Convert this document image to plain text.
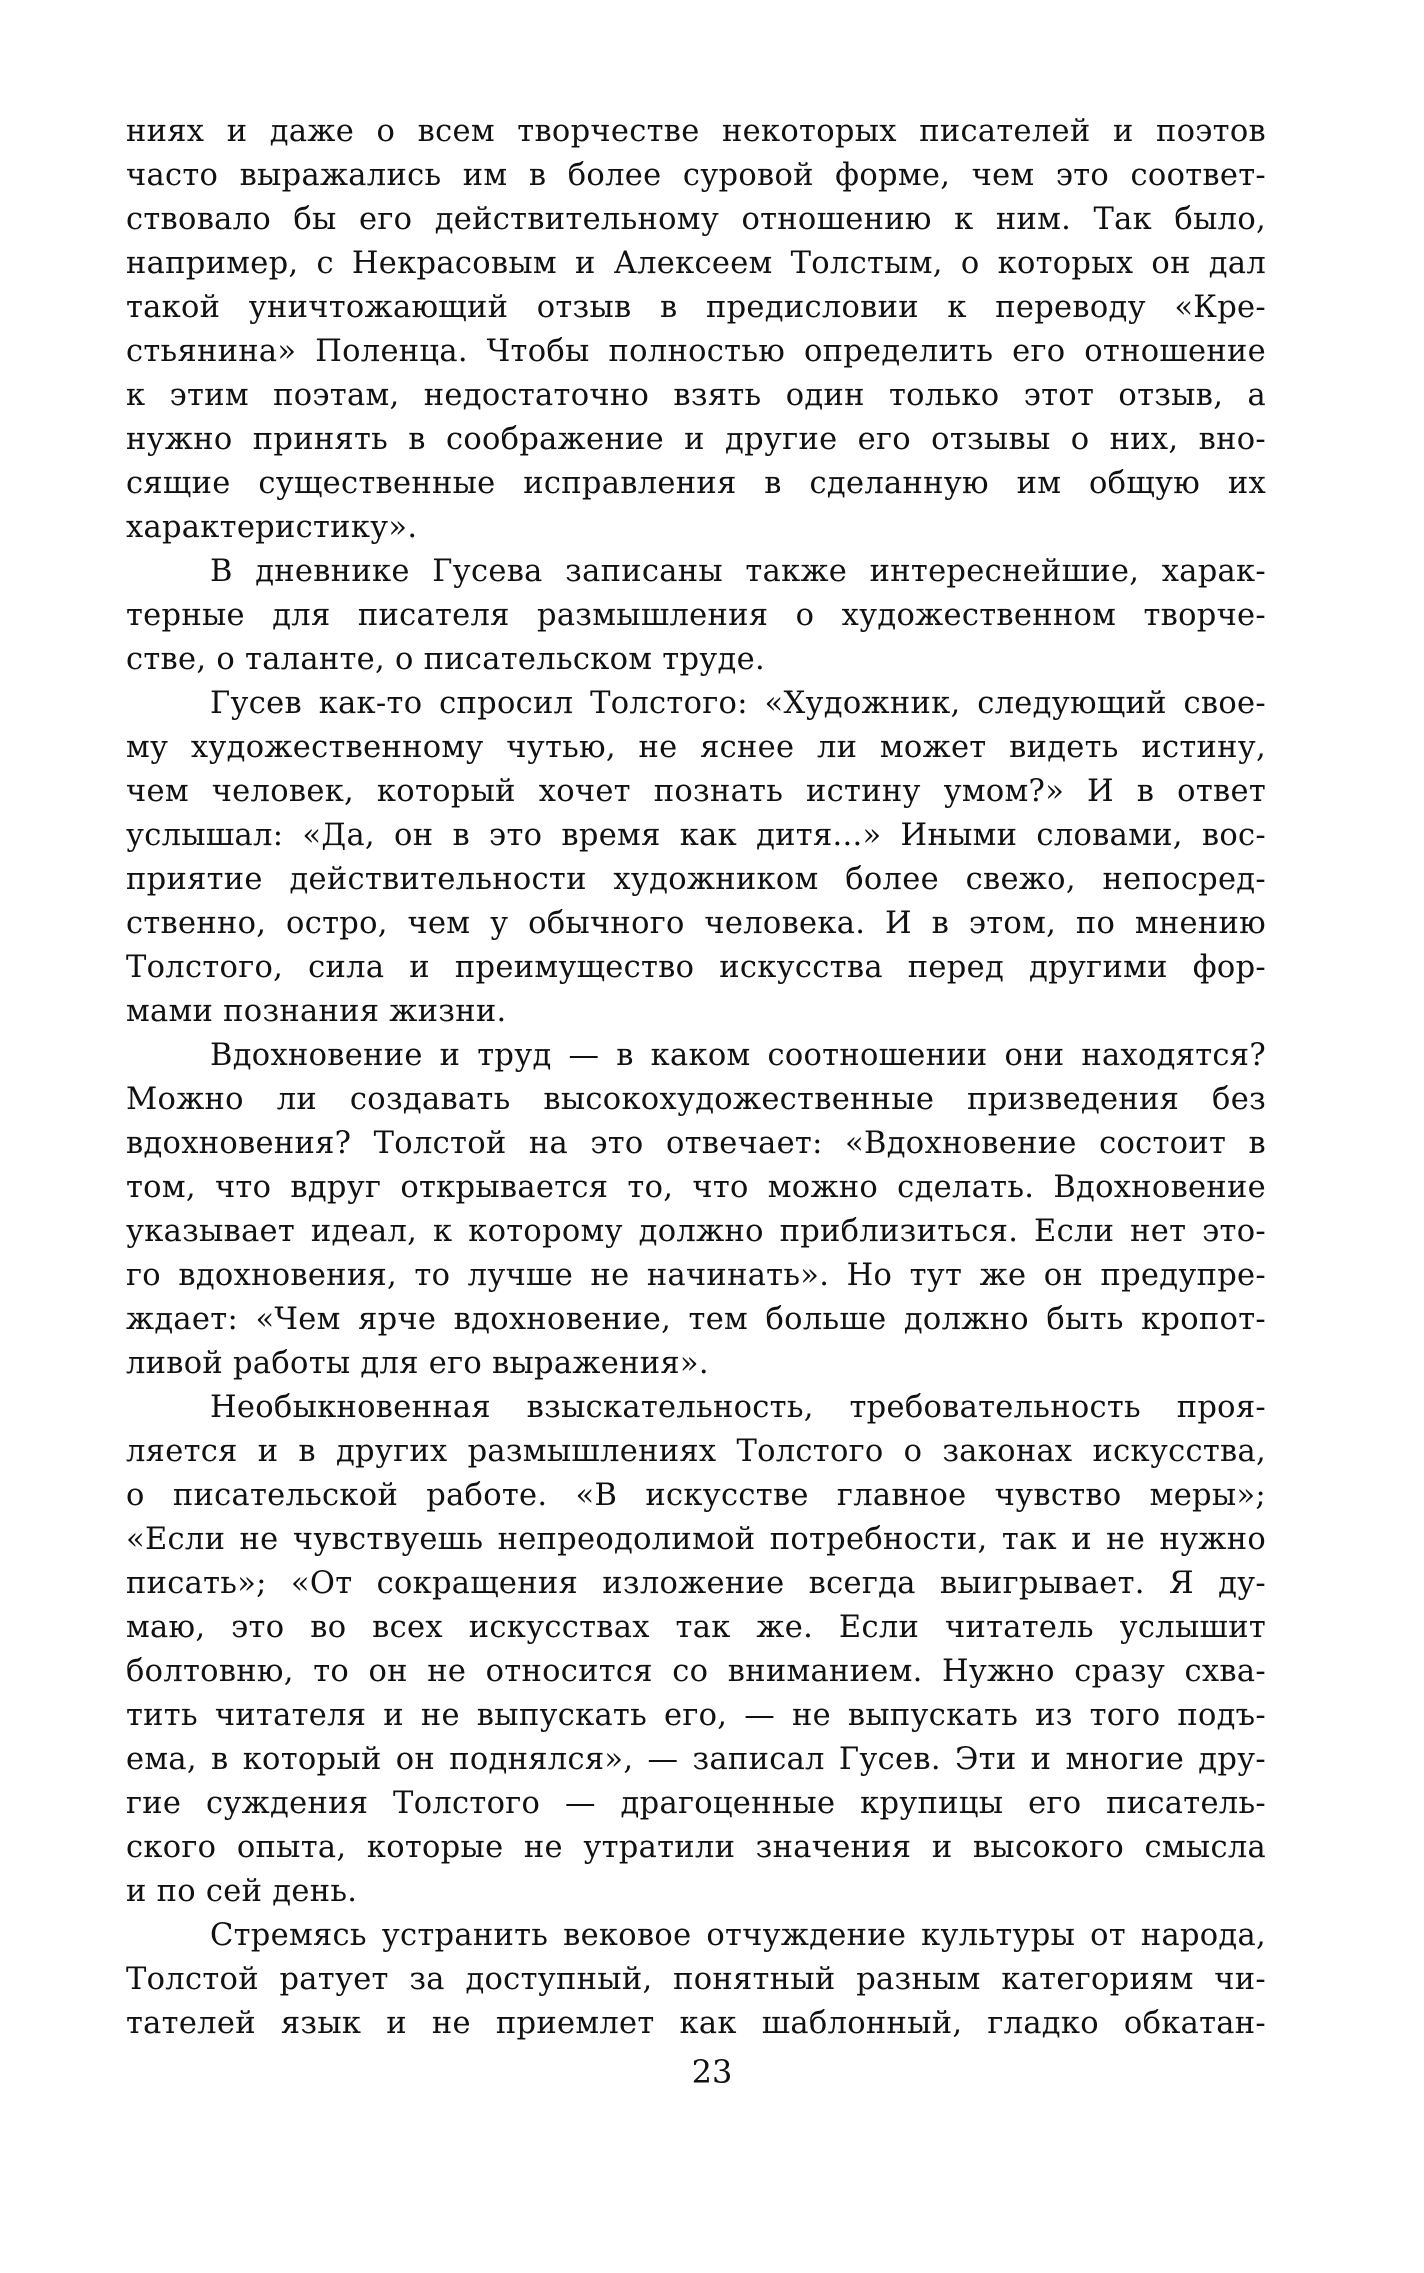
ниях и даже о всем творчестве некоторых писателей и поэтов
часто выражались им в более суровой форме, чем это соответ-
ствовало бы его действительному отношению к ним. Так было,
например, с Некрасовым и Алексеем Толстым, о которых он дал
такой уничтожающий отзыв в предисловии к переводу «Кре-
стьянина» Поленца. Чтобы полностью определить его отношение
к этим поэтам, недостаточно взять один только этот отзыв, а
нужно принять в соображение и другие его отзывы о них, вно-
сящие существенные исправления в сделанную им общую их
характеристику».
В дневнике Гусева записаны также интереснейшие, харак-
терные для писателя размышления о художественном творче-
стве, о таланте, о писательском труде.
Гусев как-то спросил Толстого: «Художник, следующий свое-
му художественному чутью, не яснее ли может видеть истину,
чем человек, который хочет познать истину умом?» И в ответ
услышал: «Да, он в это время как дитя...» Иными словами, вос-
приятие действительности художником более свежо, непосред-
ственно, остро, чем у обычного человека. И в этом, по мнению
Толстого, сила и преимущество искусства перед другими фор-
мами познания жизни.
Вдохновение и труд — в каком соотношении они находятся?
Можно ли создавать высокохудожественные призведения без
вдохновения? Толстой на это отвечает: «Вдохновение состоит в
том, что вдруг открывается то, что можно сделать. Вдохновение
указывает идеал, к которому должно приблизиться. Если нет это-
го вдохновения, то лучше не начинать». Но тут же он предупре-
ждает: «Чем ярче вдохновение, тем больше должно быть кропот-
ливой работы для его выражения».
Необыкновенная взыскательность, требовательность проя-
ляется и в других размышлениях Толстого о законах искусства,
о писательской работе. «В искусстве главное чувство меры»;
«Если не чувствуешь непреодолимой потребности, так и не нужно
писать»; «От сокращения изложение всегда выигрывает. Я ду-
маю, это во всех искусствах так же. Если читатель услышит
болтовню, то он не относится со вниманием. Нужно сразу схва-
тить читателя и не выпускать его, — не выпускать из того подъ-
ема, в который он поднялся», — записал Гусев. Эти и многие дру-
гие суждения Толстого — драгоценные крупицы его писатель-
ского опыта, которые не утратили значения и высокого смысла
и по сей день.
Стремясь устранить вековое отчуждение культуры от народа,
Толстой ратует за доступный, понятный разным категориям чи-
тателей язык и не приемлет как шаблонный, гладко обкатан-
23
